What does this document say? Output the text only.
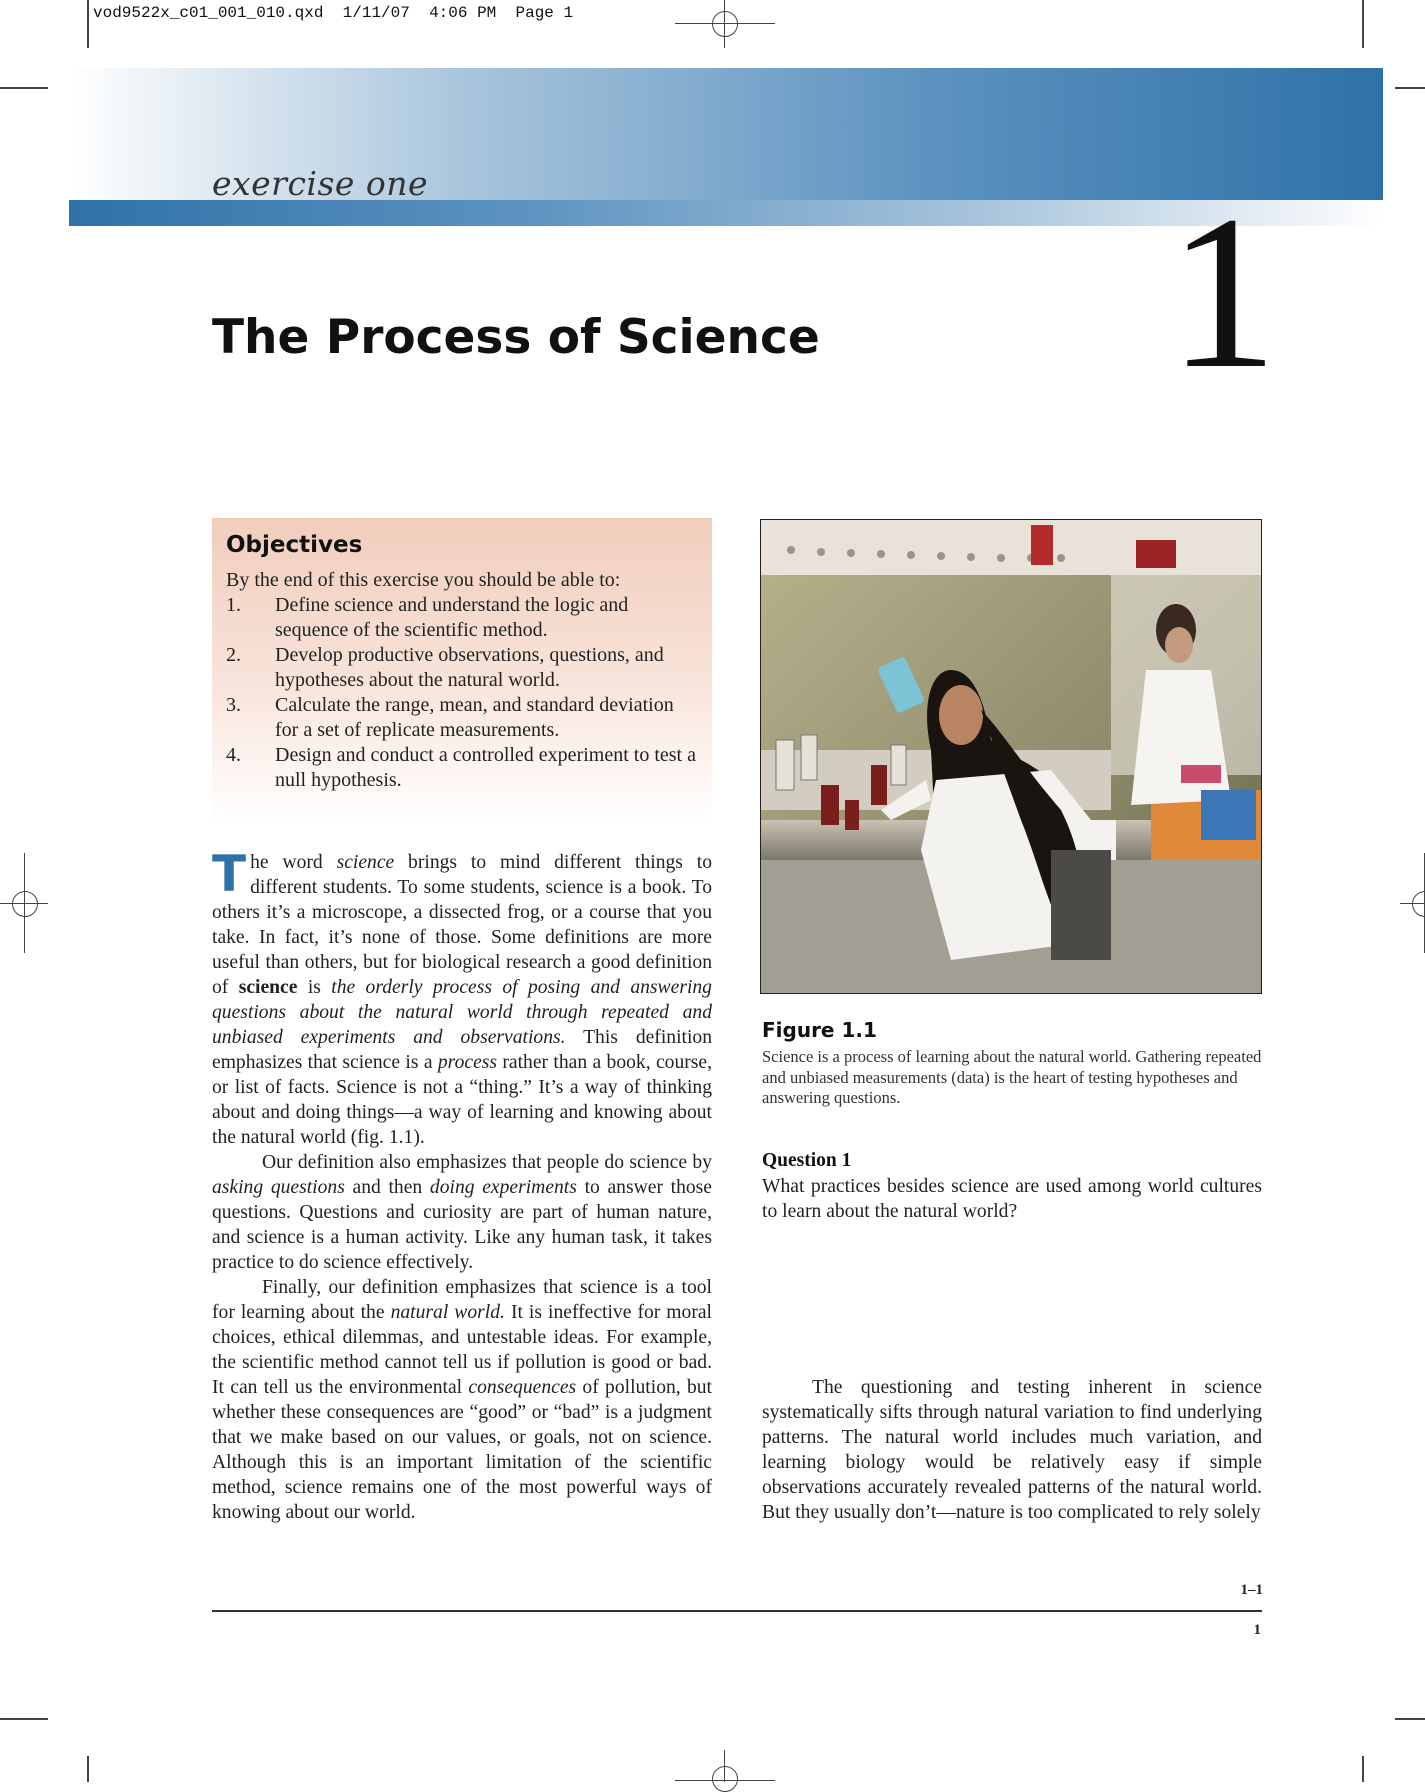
vod9522x_c01_001_010.qxd 1/11/07 4:06 PM Page 1
exercise one	1
The Process of Science
Objectives
By the end of this exercise you should be able to:
1. Define science and understand the logic and sequence of the scientific method.
2. Develop productive observations, questions, and hypotheses about the natural world.
3. Calculate the range, mean, and standard deviation for a set of replicate measurements.
4. Design and conduct a controlled experiment to test a null hypothesis.

The word science brings to mind different things to different students. To some students, science is a book. To others it’s a microscope, a dissected frog, or a course that you take. In fact, it’s none of those. Some definitions are more useful than others, but for biological research a good definition of science is the orderly process of posing and answering questions about the natural world through repeated and unbiased experiments and observations. This definition emphasizes that science is a process rather than a book, course, or list of facts. Science is not a “thing.” It’s a way of thinking about and doing things—a way of learning and knowing about the natural world (fig. 1.1).

Our definition also emphasizes that people do science by asking questions and then doing experiments to answer those questions. Questions and curiosity are part of human nature, and science is a human activity. Like any human task, it takes practice to do science effectively.

Finally, our definition emphasizes that science is a tool for learning about the natural world. It is ineffective for moral choices, ethical dilemmas, and untestable ideas. For example, the scientific method cannot tell us if pollution is good or bad. It can tell us the environmental consequences of pollution, but whether these consequences are “good” or “bad” is a judgment that we make based on our values, or goals, not on science. Although this is an important limitation of the scientific method, science remains one of the most powerful ways of knowing about our world.

Figure 1.1
Science is a process of learning about the natural world. Gathering repeated and unbiased measurements (data) is the heart of testing hypotheses and answering questions.
Question 1
What practices besides science are used among world cultures to learn about the natural world?

The questioning and testing inherent in science systematically sifts through natural variation to find underlying patterns. The natural world includes much variation, and learning biology would be relatively easy if simple observations accurately revealed patterns of the natural world. But they usually don’t—nature is too complicated to rely solely

1–1
1
